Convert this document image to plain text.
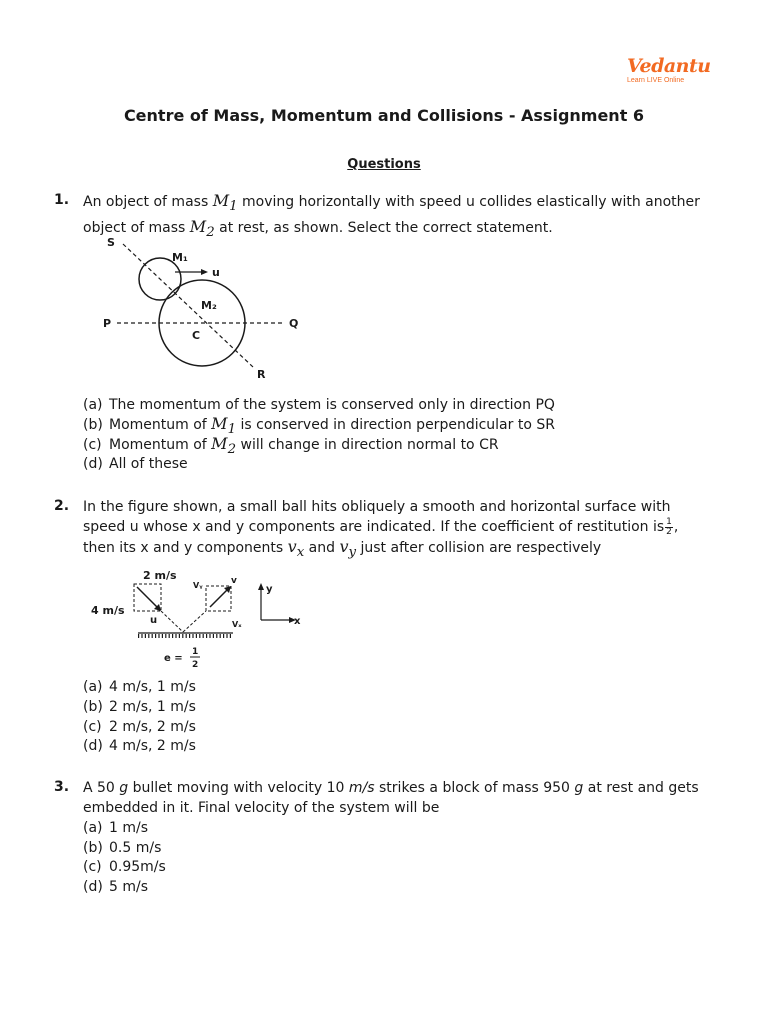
Vedantu
Learn LIVE Online
Centre of Mass, Momentum and Collisions - Assignment 6
Questions
1. An object of mass $M_1$ moving horizontally with speed u collides elastically with another object of mass $M_2$ at rest, as shown. Select the correct statement.
S
M₁
u
M₂
P
C
Q
R
(a) The momentum of the system is conserved only in direction PQ
(b) Momentum of $M_1$ is conserved in direction perpendicular to SR
(c) Momentum of $M_2$ will change in direction normal to CR
(d) All of these
2. In the figure shown, a small ball hits obliquely a smooth and horizontal surface with speed u whose x and y components are indicated. If the coefficient of restitution is $\frac{1}{2}$ , then its x and y components $v_x$ and $v_y$ just after collision are respectively
2 m/s
4 m/s
u
Vᵧ	v
Vₓ
y
x
e =
1
2
(a) 4 m/s, 1 m/s
(b) 2 m/s, 1 m/s
(c) 2 m/s, 2 m/s
(d) 4 m/s, 2 m/s
3. A 50 g bullet moving with velocity 10 m/s strikes a block of mass 950 g at rest and gets embedded in it. Final velocity of the system will be
(a) 1 m/s
(b) 0.5 m/s
(c) 0.95m/s
(d) 5 m/s
